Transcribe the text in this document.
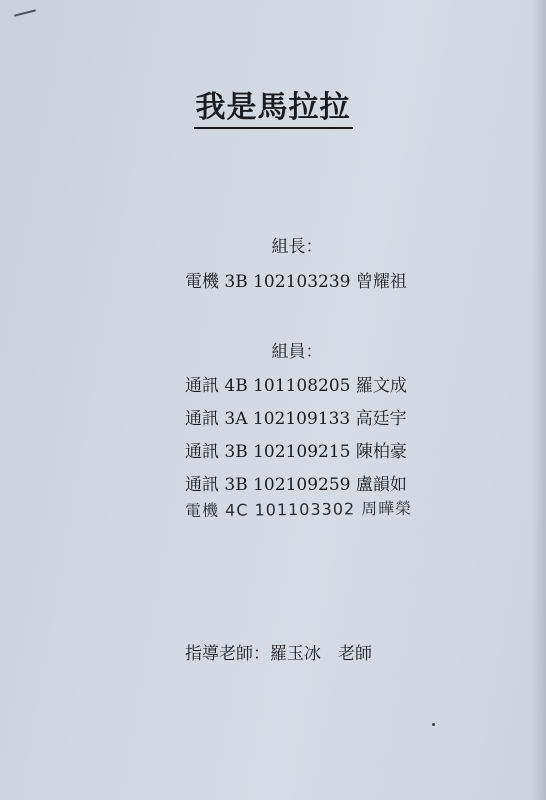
我是馬拉拉
組長：
電機 3B 102103239 曾耀祖
組員：
通訊 4B 101108205 羅文成
通訊 3A 102109133 高廷宇
通訊 3B 102109215 陳柏豪
通訊 3B 102109259 盧韻如
電機 4C 101103302 周曄榮
指導老師：羅玉冰　老師
